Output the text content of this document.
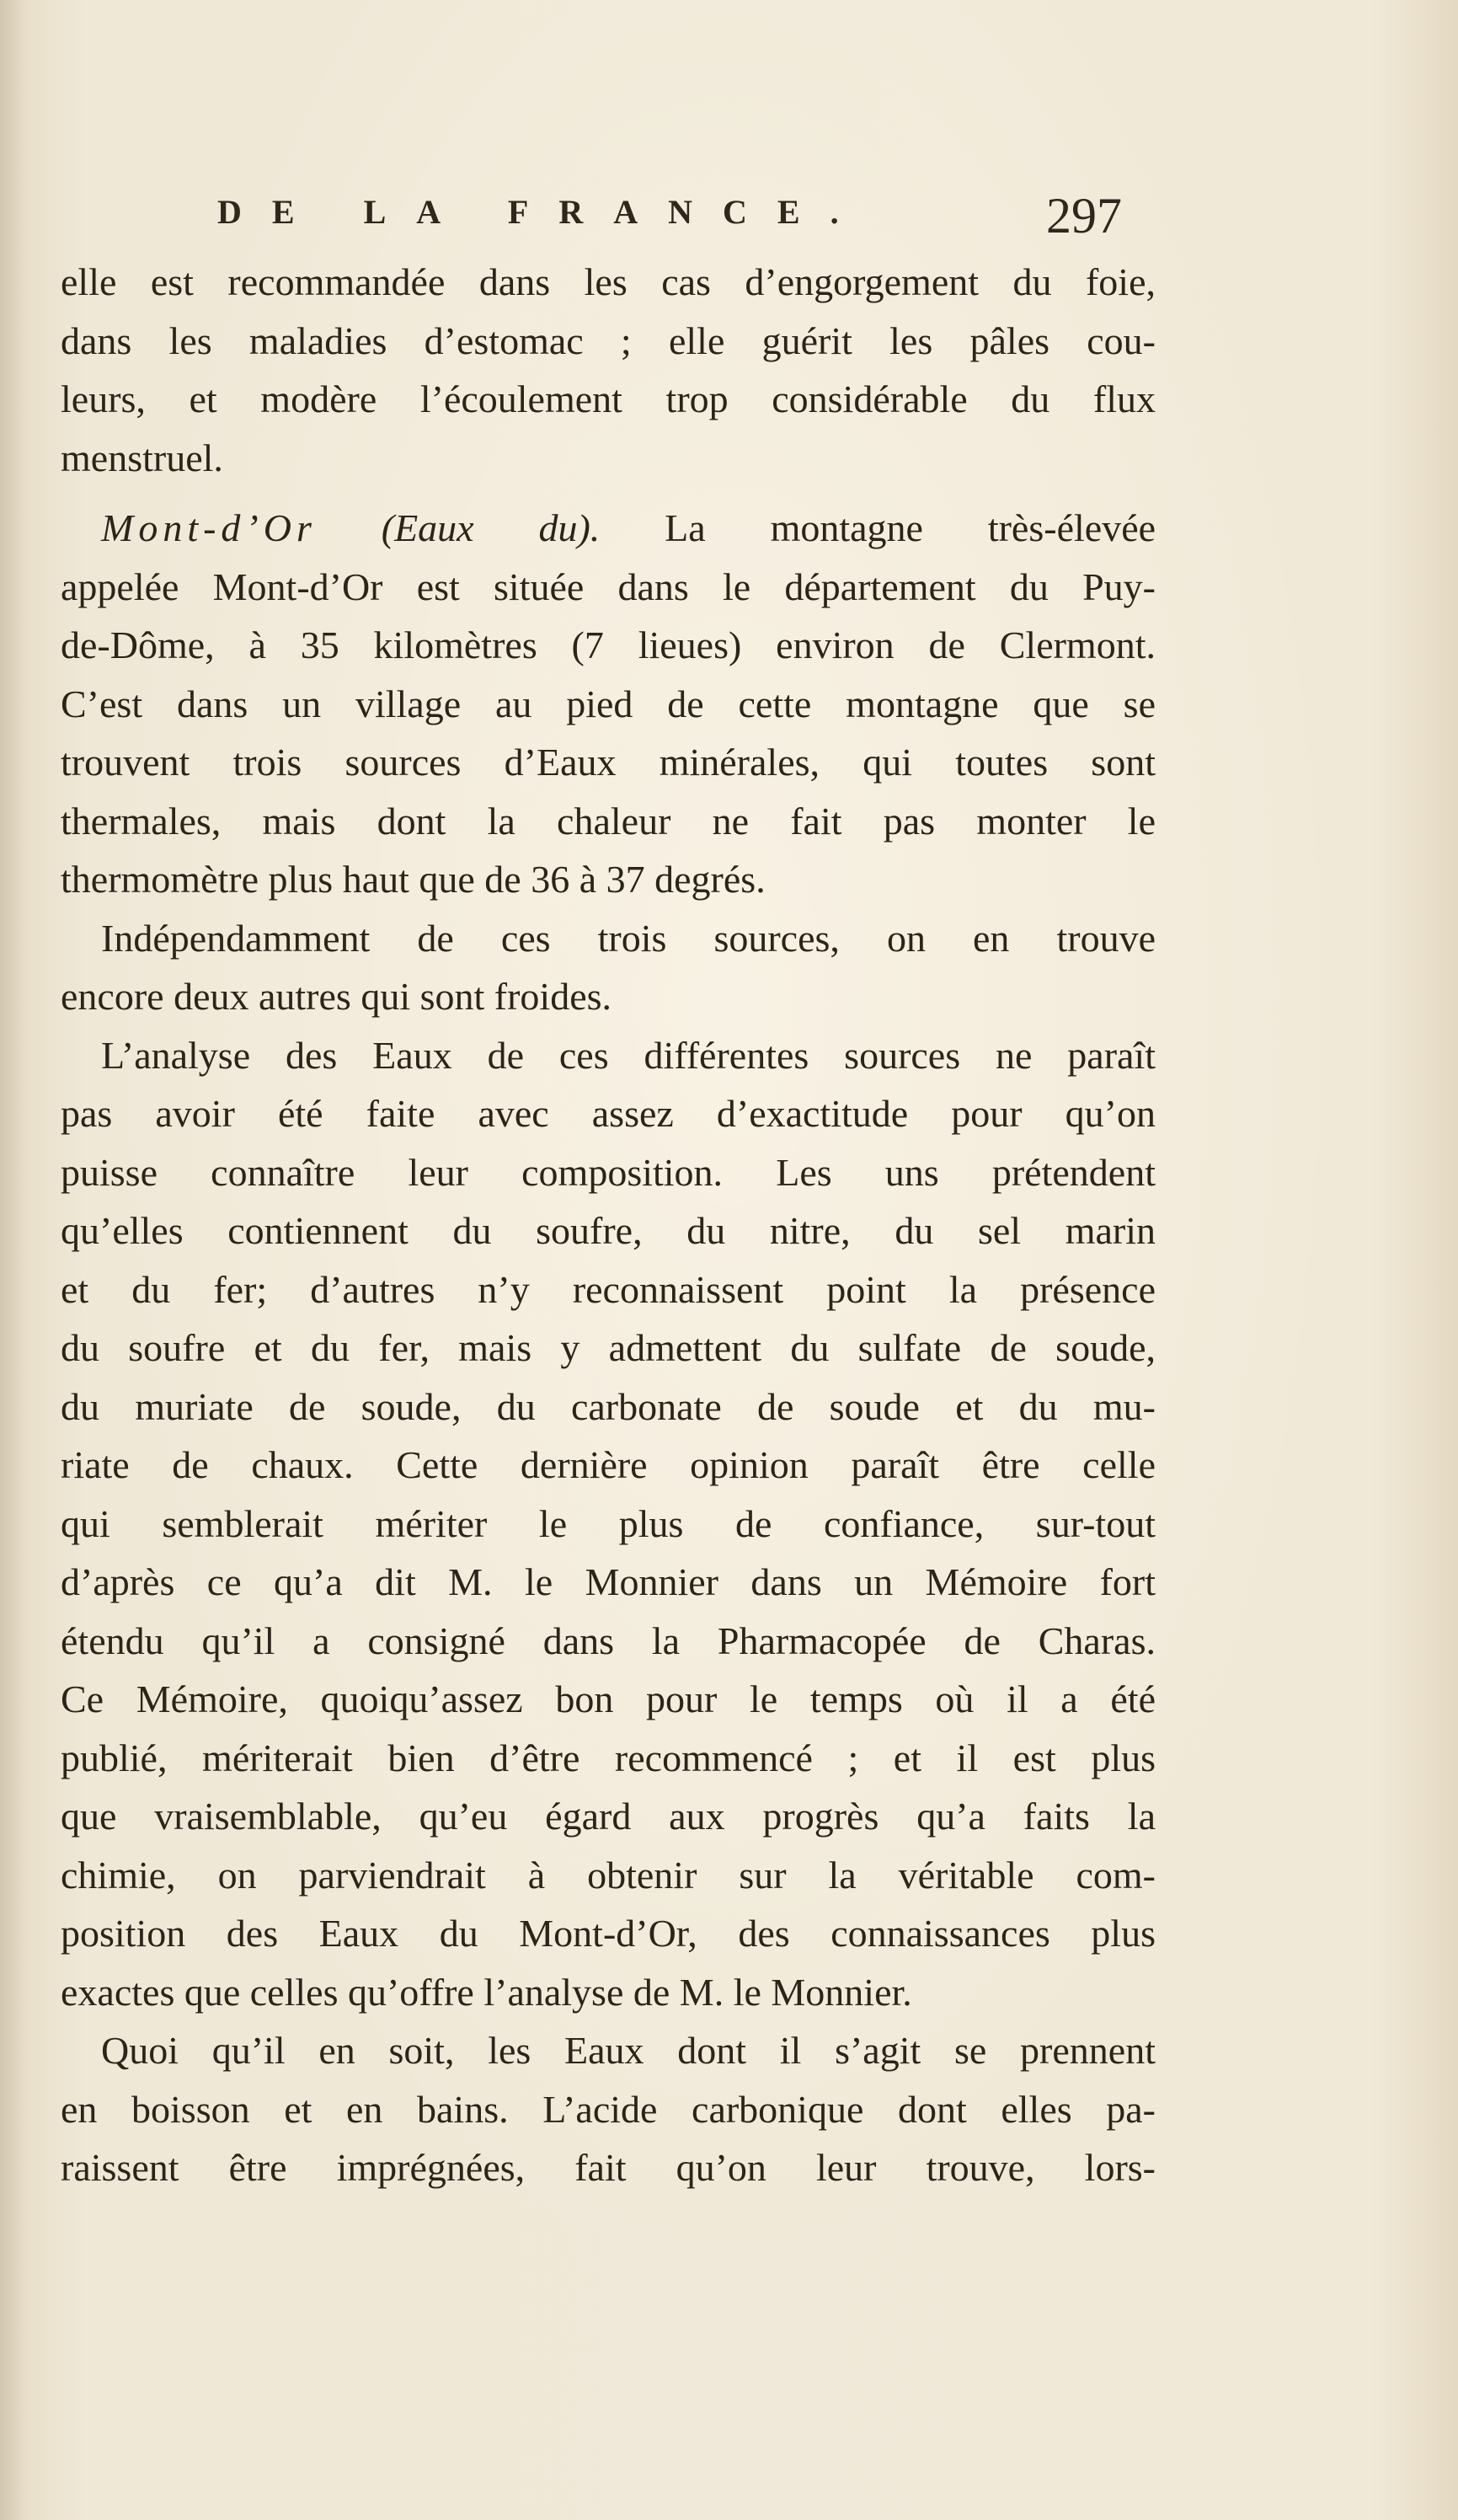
DE LA FRANCE.	297
elle est recommandée dans les cas d’engorgement du foie,
dans les maladies d’estomac ; elle guérit les pâles cou-
leurs, et modère l’écoulement trop considérable du flux
menstruel.
Mont-d’Or (Eaux du). La montagne très-élevée
appelée Mont-d’Or est située dans le département du Puy-
de-Dôme, à 35 kilomètres (7 lieues) environ de Clermont.
C’est dans un village au pied de cette montagne que se
trouvent trois sources d’Eaux minérales, qui toutes sont
thermales, mais dont la chaleur ne fait pas monter le
thermomètre plus haut que de 36 à 37 degrés.
Indépendamment de ces trois sources, on en trouve
encore deux autres qui sont froides.
L’analyse des Eaux de ces différentes sources ne paraît
pas avoir été faite avec assez d’exactitude pour qu’on
puisse connaître leur composition. Les uns prétendent
qu’elles contiennent du soufre, du nitre, du sel marin
et du fer; d’autres n’y reconnaissent point la présence
du soufre et du fer, mais y admettent du sulfate de soude,
du muriate de soude, du carbonate de soude et du mu-
riate de chaux. Cette dernière opinion paraît être celle
qui semblerait mériter le plus de confiance, sur-tout
d’après ce qu’a dit M. le Monnier dans un Mémoire fort
étendu qu’il a consigné dans la Pharmacopée de Charas.
Ce Mémoire, quoiqu’assez bon pour le temps où il a été
publié, mériterait bien d’être recommencé ; et il est plus
que vraisemblable, qu’eu égard aux progrès qu’a faits la
chimie, on parviendrait à obtenir sur la véritable com-
position des Eaux du Mont-d’Or, des connaissances plus
exactes que celles qu’offre l’analyse de M. le Monnier.
Quoi qu’il en soit, les Eaux dont il s’agit se prennent
en boisson et en bains. L’acide carbonique dont elles pa-
raissent être imprégnées, fait qu’on leur trouve, lors-
